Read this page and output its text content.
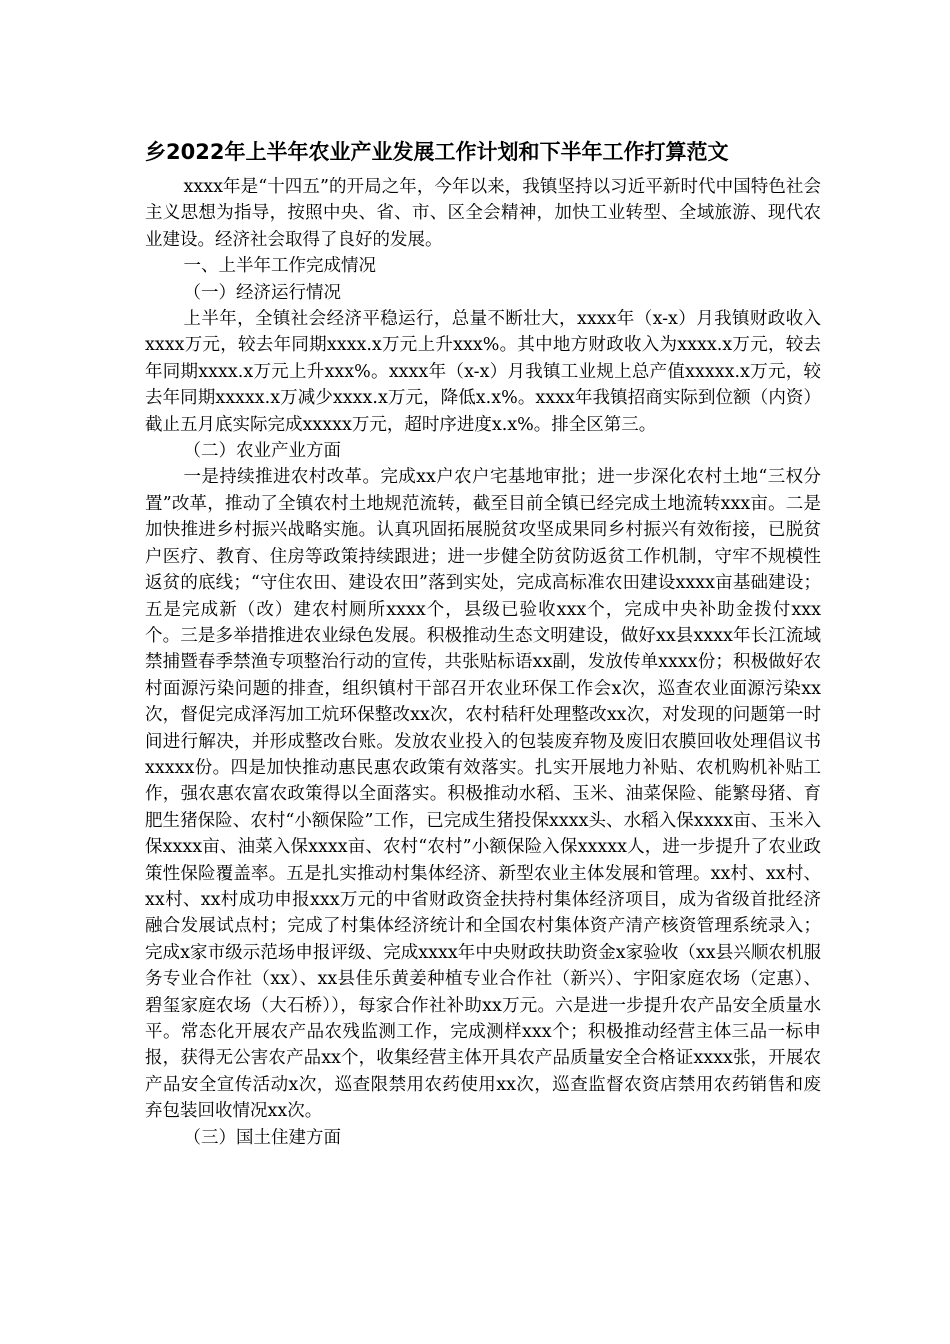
乡2022年上半年农业产业发展工作计划和下半年工作打算范文

xxxx年是“十四五”的开局之年，今年以来，我镇坚持以习近平新时代中国特色社会主义思想为指导，按照中央、省、市、区全会精神，加快工业转型、全域旅游、现代农业建设。经济社会取得了良好的发展。

一、上半年工作完成情况

（一）经济运行情况

上半年，全镇社会经济平稳运行，总量不断壮大，xxxx年（x-x）月我镇财政收入xxxx万元，较去年同期xxxx.x万元上升xxx%。其中地方财政收入为xxxx.x万元，较去年同期xxxx.x万元上升xxx%。xxxx年（x-x）月我镇工业规上总产值xxxxx.x万元，较去年同期xxxxx.x万减少xxxx.x万元，降低x.x%。xxxx年我镇招商实际到位额（内资）截止五月底实际完成xxxxx万元，超时序进度x.x%。排全区第三。

（二）农业产业方面

一是持续推进农村改革。完成xx户农户宅基地审批；进一步深化农村土地“三权分置”改革，推动了全镇农村土地规范流转，截至目前全镇已经完成土地流转xxx亩。二是加快推进乡村振兴战略实施。认真巩固拓展脱贫攻坚成果同乡村振兴有效衔接，已脱贫户医疗、教育、住房等政策持续跟进；进一步健全防贫防返贫工作机制，守牢不规模性返贫的底线；“守住农田、建设农田”落到实处，完成高标准农田建设xxxx亩基础建设；五是完成新（改）建农村厕所xxxx个，县级已验收xxx个，完成中央补助金拨付xxx个。三是多举措推进农业绿色发展。积极推动生态文明建设，做好xx县xxxx年长江流域禁捕暨春季禁渔专项整治行动的宣传，共张贴标语xx副，发放传单xxxx份；积极做好农村面源污染问题的排查，组织镇村干部召开农业环保工作会x次，巡查农业面源污染xx次，督促完成泽泻加工炕环保整改xx次，农村秸秆处理整改xx次，对发现的问题第一时间进行解决，并形成整改台账。发放农业投入的包装废弃物及废旧农膜回收处理倡议书xxxxx份。四是加快推动惠民惠农政策有效落实。扎实开展地力补贴、农机购机补贴工作，强农惠农富农政策得以全面落实。积极推动水稻、玉米、油菜保险、能繁母猪、育肥生猪保险、农村“小额保险”工作，已完成生猪投保xxxx头、水稻入保xxxx亩、玉米入保xxxx亩、油菜入保xxxx亩、农村“农村”小额保险入保xxxxx人，进一步提升了农业政策性保险覆盖率。五是扎实推动村集体经济、新型农业主体发展和管理。xx村、xx村、xx村、xx村成功申报xxx万元的中省财政资金扶持村集体经济项目，成为省级首批经济融合发展试点村；完成了村集体经济统计和全国农村集体资产清产核资管理系统录入；完成x家市级示范场申报评级、完成xxxx年中央财政扶助资金x家验收（xx县兴顺农机服务专业合作社（xx）、xx县佳乐黄姜种植专业合作社（新兴）、宇阳家庭农场（定惠）、碧玺家庭农场（大石桥）），每家合作社补助xx万元。六是进一步提升农产品安全质量水平。常态化开展农产品农残监测工作，完成测样xxx个；积极推动经营主体三品一标申报，获得无公害农产品xx个，收集经营主体开具农产品质量安全合格证xxxx张，开展农产品安全宣传活动x次，巡查限禁用农药使用xx次，巡查监督农资店禁用农药销售和废弃包装回收情况xx次。

（三）国土住建方面
